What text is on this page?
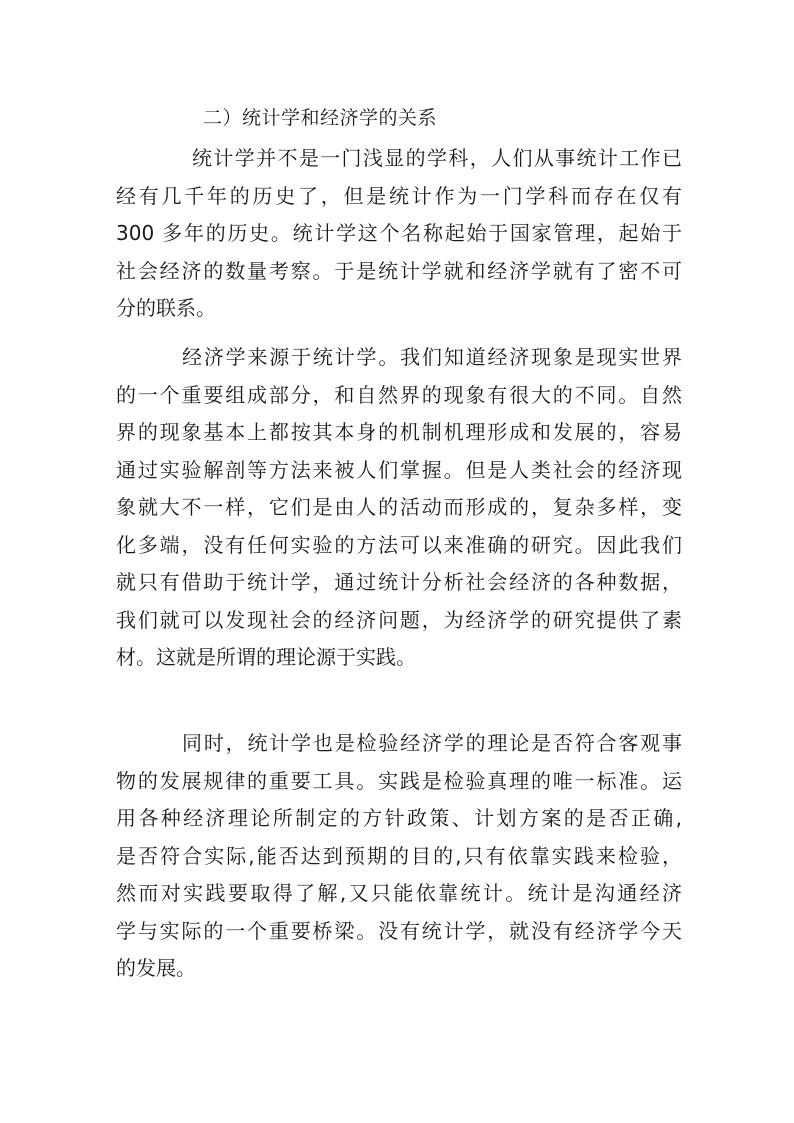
二）统计学和经济学的关系
统计学并不是一门浅显的学科，人们从事统计工作已
经有几千年的历史了，但是统计作为一门学科而存在仅有
300 多年的历史。统计学这个名称起始于国家管理，起始于
社会经济的数量考察。于是统计学就和经济学就有了密不可
分的联系。
经济学来源于统计学。我们知道经济现象是现实世界
的一个重要组成部分，和自然界的现象有很大的不同。自然
界的现象基本上都按其本身的机制机理形成和发展的，容易
通过实验解剖等方法来被人们掌握。但是人类社会的经济现
象就大不一样，它们是由人的活动而形成的，复杂多样，变
化多端，没有任何实验的方法可以来准确的研究。因此我们
就只有借助于统计学，通过统计分析社会经济的各种数据，
我们就可以发现社会的经济问题，为经济学的研究提供了素
材。这就是所谓的理论源于实践。
同时，统计学也是检验经济学的理论是否符合客观事
物的发展规律的重要工具。实践是检验真理的唯一标准。运
用各种经济理论所制定的方针政策、计划方案的是否正确,
是否符合实际,能否达到预期的目的,只有依靠实践来检验，
然而对实践要取得了解,又只能依靠统计。统计是沟通经济
学与实际的一个重要桥梁。没有统计学，就没有经济学今天
的发展。
